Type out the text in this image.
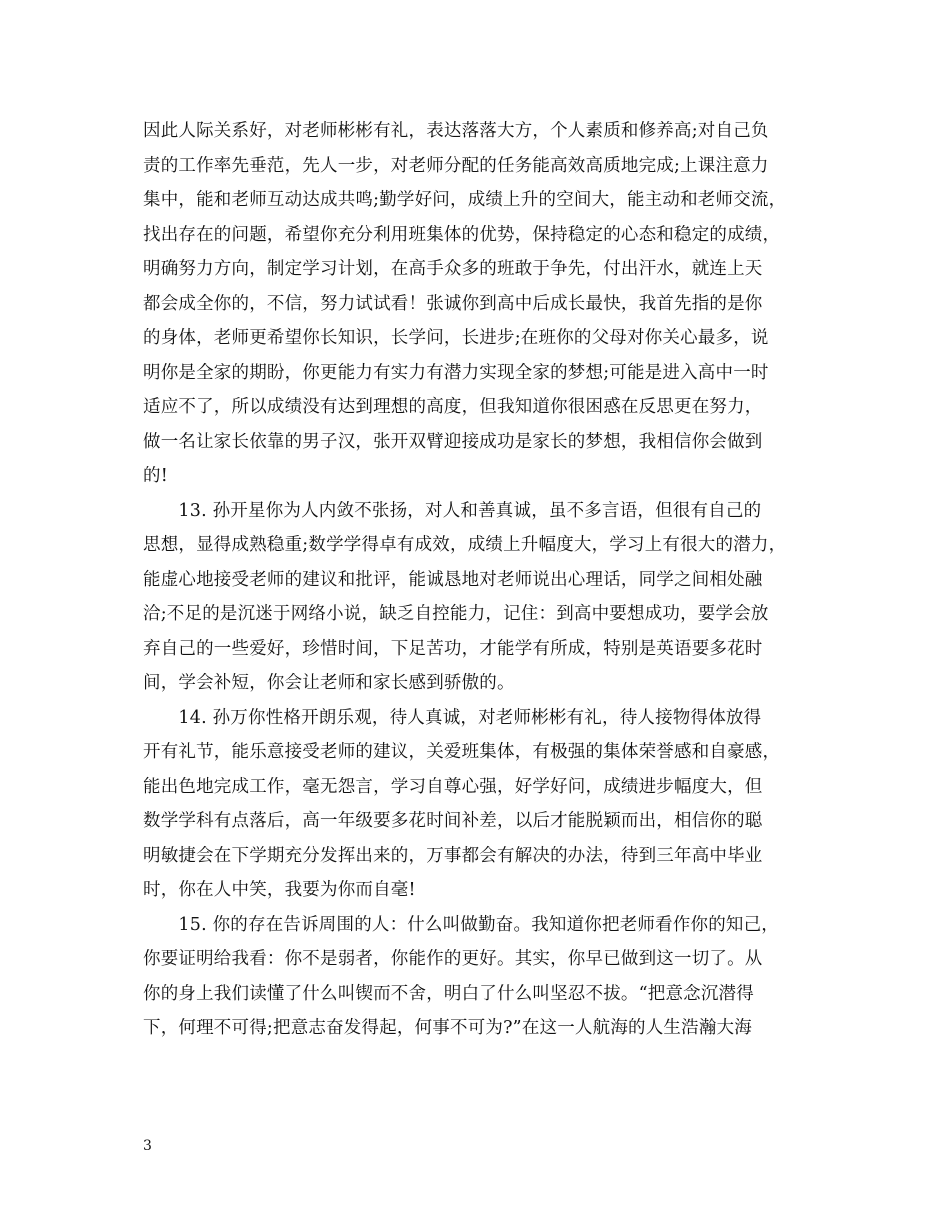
因此人际关系好，对老师彬彬有礼，表达落落大方，个人素质和修养高;对自己负
责的工作率先垂范，先人一步，对老师分配的任务能高效高质地完成;上课注意力
集中，能和老师互动达成共鸣;勤学好问，成绩上升的空间大，能主动和老师交流，
找出存在的问题，希望你充分利用班集体的优势，保持稳定的心态和稳定的成绩，
明确努力方向，制定学习计划，在高手众多的班敢于争先，付出汗水，就连上天
都会成全你的，不信，努力试试看！张诚你到高中后成长最快，我首先指的是你
的身体，老师更希望你长知识，长学问，长进步;在班你的父母对你关心最多，说
明你是全家的期盼，你更能力有实力有潜力实现全家的梦想;可能是进入高中一时
适应不了，所以成绩没有达到理想的高度，但我知道你很困惑在反思更在努力，
做一名让家长依靠的男子汉，张开双臂迎接成功是家长的梦想，我相信你会做到
的!
　　13. 孙开星你为人内敛不张扬，对人和善真诚，虽不多言语，但很有自己的
思想，显得成熟稳重;数学学得卓有成效，成绩上升幅度大，学习上有很大的潜力，
能虚心地接受老师的建议和批评，能诚恳地对老师说出心理话，同学之间相处融
洽;不足的是沉迷于网络小说，缺乏自控能力，记住：到高中要想成功，要学会放
弃自己的一些爱好，珍惜时间，下足苦功，才能学有所成，特别是英语要多花时
间，学会补短，你会让老师和家长感到骄傲的。
　　14. 孙万你性格开朗乐观，待人真诚，对老师彬彬有礼，待人接物得体放得
开有礼节，能乐意接受老师的建议，关爱班集体，有极强的集体荣誉感和自豪感，
能出色地完成工作，毫无怨言，学习自尊心强，好学好问，成绩进步幅度大，但
数学学科有点落后，高一年级要多花时间补差，以后才能脱颖而出，相信你的聪
明敏捷会在下学期充分发挥出来的，万事都会有解决的办法，待到三年高中毕业
时，你在人中笑，我要为你而自毫!
　　15. 你的存在告诉周围的人：什么叫做勤奋。我知道你把老师看作你的知己，
你要证明给我看：你不是弱者，你能作的更好。其实，你早已做到这一切了。从
你的身上我们读懂了什么叫锲而不舍，明白了什么叫坚忍不拔。“把意念沉潜得
下，何理不可得;把意志奋发得起，何事不可为?”在这一人航海的人生浩瀚大海
3
